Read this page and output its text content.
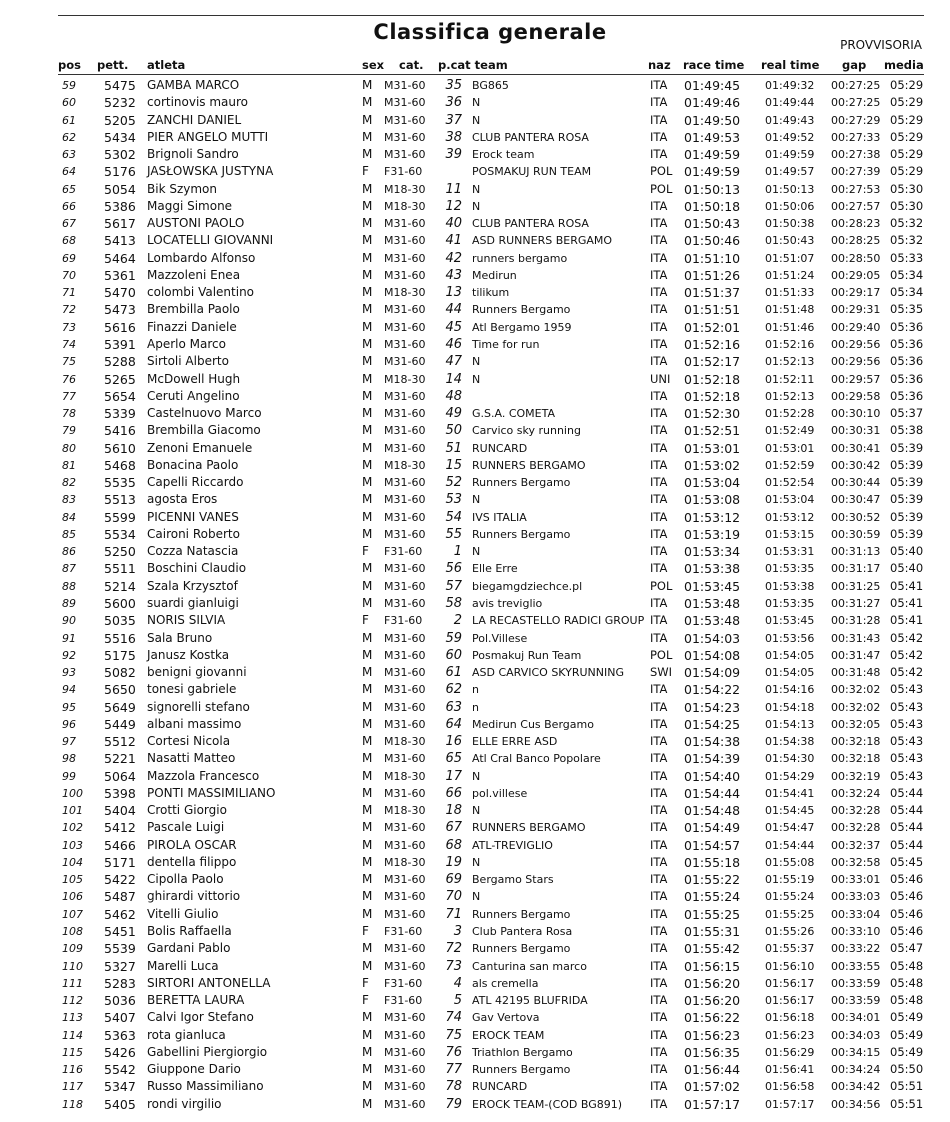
Classifica generale
PROVVISORIA
pos pett. atleta	sex cat. p.cat team	naz race time real time gap media
59 5475 GAMBA MARCO	M M31-60	35 BG865	ITA 01:49:45 01:49:32 00:27:25 05:29
60 5232 cortinovis mauro	M M31-60	36 N	ITA 01:49:46 01:49:44 00:27:25 05:29
61 5205 ZANCHI DANIEL	M M31-60	37 N	ITA 01:49:50 01:49:43 00:27:29 05:29
62 5434 PIER ANGELO MUTTI	M M31-60	38 CLUB PANTERA ROSA	ITA 01:49:53 01:49:52 00:27:33 05:29
63 5302 Brignoli Sandro	M M31-60	39 Erock team	ITA 01:49:59 01:49:59 00:27:38 05:29
64 5176 JASŁOWSKA JUSTYNA	F F31-60	POSMAKUJ RUN TEAM	POL 01:49:59 01:49:57 00:27:39 05:29
65 5054 Bik Szymon	M M18-30	11 N	POL 01:50:13 01:50:13 00:27:53 05:30
66 5386 Maggi Simone	M M18-30	12 N	ITA 01:50:18 01:50:06 00:27:57 05:30
67 5617 AUSTONI PAOLO	M M31-60	40 CLUB PANTERA ROSA	ITA 01:50:43 01:50:38 00:28:23 05:32
68 5413 LOCATELLI GIOVANNI	M M31-60	41 ASD RUNNERS BERGAMO	ITA 01:50:46 01:50:43 00:28:25 05:32
69 5464 Lombardo Alfonso	M M31-60	42 runners bergamo	ITA 01:51:10 01:51:07 00:28:50 05:33
70 5361 Mazzoleni Enea	M M31-60	43 Medirun	ITA 01:51:26 01:51:24 00:29:05 05:34
71 5470 colombi Valentino	M M18-30	13 tilikum	ITA 01:51:37 01:51:33 00:29:17 05:34
72 5473 Brembilla Paolo	M M31-60	44 Runners Bergamo	ITA 01:51:51 01:51:48 00:29:31 05:35
73 5616 Finazzi Daniele	M M31-60	45 Atl Bergamo 1959	ITA 01:52:01 01:51:46 00:29:40 05:36
74 5391 Aperlo Marco	M M31-60	46 Time for run	ITA 01:52:16 01:52:16 00:29:56 05:36
75 5288 Sirtoli Alberto	M M31-60	47 N	ITA 01:52:17 01:52:13 00:29:56 05:36
76 5265 McDowell Hugh	M M18-30	14 N	UNI 01:52:18 01:52:11 00:29:57 05:36
77 5654 Ceruti Angelino	M M31-60	48	ITA 01:52:18 01:52:13 00:29:58 05:36
78 5339 Castelnuovo Marco	M M31-60	49 G.S.A. COMETA	ITA 01:52:30 01:52:28 00:30:10 05:37
79 5416 Brembilla Giacomo	M M31-60	50 Carvico sky running	ITA 01:52:51 01:52:49 00:30:31 05:38
80 5610 Zenoni Emanuele	M M31-60	51 RUNCARD	ITA 01:53:01 01:53:01 00:30:41 05:39
81 5468 Bonacina Paolo	M M18-30	15 RUNNERS BERGAMO	ITA 01:53:02 01:52:59 00:30:42 05:39
82 5535 Capelli Riccardo	M M31-60	52 Runners Bergamo	ITA 01:53:04 01:52:54 00:30:44 05:39
83 5513 agosta Eros	M M31-60	53 N	ITA 01:53:08 01:53:04 00:30:47 05:39
84 5599 PICENNI VANES	M M31-60	54 IVS ITALIA	ITA 01:53:12 01:53:12 00:30:52 05:39
85 5534 Caironi Roberto	M M31-60	55 Runners Bergamo	ITA 01:53:19 01:53:15 00:30:59 05:39
86 5250 Cozza Natascia	F F31-60	1 N	ITA 01:53:34 01:53:31 00:31:13 05:40
87 5511 Boschini Claudio	M M31-60	56 Elle Erre	ITA 01:53:38 01:53:35 00:31:17 05:40
88 5214 Szala Krzysztof	M M31-60	57 biegamgdziechce.pl	POL 01:53:45 01:53:38 00:31:25 05:41
89 5600 suardi gianluigi	M M31-60	58 avis treviglio	ITA 01:53:48 01:53:35 00:31:27 05:41
90 5035 NORIS SILVIA	F F31-60	2 LA RECASTELLO RADICI GROUP ITA 01:53:48 01:53:45 00:31:28 05:41
91 5516 Sala Bruno	M M31-60	59 Pol.Villese	ITA 01:54:03 01:53:56 00:31:43 05:42
92 5175 Janusz Kostka	M M31-60	60 Posmakuj Run Team	POL 01:54:08 01:54:05 00:31:47 05:42
93 5082 benigni giovanni	M M31-60	61 ASD CARVICO SKYRUNNING SWI 01:54:09 01:54:05 00:31:48 05:42
94 5650 tonesi gabriele	M M31-60	62 n	ITA 01:54:22 01:54:16 00:32:02 05:43
95 5649 signorelli stefano	M M31-60	63 n	ITA 01:54:23 01:54:18 00:32:02 05:43
96 5449 albani massimo	M M31-60	64 Medirun Cus Bergamo	ITA 01:54:25 01:54:13 00:32:05 05:43
97 5512 Cortesi Nicola	M M18-30	16 ELLE ERRE ASD	ITA 01:54:38 01:54:38 00:32:18 05:43
98 5221 Nasatti Matteo	M M31-60	65 Atl Cral Banco Popolare	ITA 01:54:39 01:54:30 00:32:18 05:43
99 5064 Mazzola Francesco	M M18-30	17 N	ITA 01:54:40 01:54:29 00:32:19 05:43
100 5398 PONTI MASSIMILIANO	M M31-60	66 pol.villese	ITA 01:54:44 01:54:41 00:32:24 05:44
101 5404 Crotti Giorgio	M M18-30	18 N	ITA 01:54:48 01:54:45 00:32:28 05:44
102 5412 Pascale Luigi	M M31-60	67 RUNNERS BERGAMO	ITA 01:54:49 01:54:47 00:32:28 05:44
103 5466 PIROLA OSCAR	M M31-60	68 ATL-TREVIGLIO	ITA 01:54:57 01:54:44 00:32:37 05:44
104 5171 dentella filippo	M M18-30	19 N	ITA 01:55:18 01:55:08 00:32:58 05:45
105 5422 Cipolla Paolo	M M31-60	69 Bergamo Stars	ITA 01:55:22 01:55:19 00:33:01 05:46
106 5487 ghirardi vittorio	M M31-60	70 N	ITA 01:55:24 01:55:24 00:33:03 05:46
107 5462 Vitelli Giulio	M M31-60	71 Runners Bergamo	ITA 01:55:25 01:55:25 00:33:04 05:46
108 5451 Bolis Raffaella	F F31-60	3 Club Pantera Rosa	ITA 01:55:31 01:55:26 00:33:10 05:46
109 5539 Gardani Pablo	M M31-60	72 Runners Bergamo	ITA 01:55:42 01:55:37 00:33:22 05:47
110 5327 Marelli Luca	M M31-60	73 Canturina san marco	ITA 01:56:15 01:56:10 00:33:55 05:48
111 5283 SIRTORI ANTONELLA	F F31-60	4 als cremella	ITA 01:56:20 01:56:17 00:33:59 05:48
112 5036 BERETTA LAURA	F F31-60	5 ATL 42195 BLUFRIDA	ITA 01:56:20 01:56:17 00:33:59 05:48
113 5407 Calvi Igor Stefano	M M31-60	74 Gav Vertova	ITA 01:56:22 01:56:18 00:34:01 05:49
114 5363 rota gianluca	M M31-60	75 EROCK TEAM	ITA 01:56:23 01:56:23 00:34:03 05:49
115 5426 Gabellini Piergiorgio	M M31-60	76 Triathlon Bergamo	ITA 01:56:35 01:56:29 00:34:15 05:49
116 5542 Giuppone Dario	M M31-60	77 Runners Bergamo	ITA 01:56:44 01:56:41 00:34:24 05:50
117 5347 Russo Massimiliano	M M31-60	78 RUNCARD	ITA 01:57:02 01:56:58 00:34:42 05:51
118 5405 rondi virgilio	M M31-60	79 EROCK TEAM-(COD BG891) ITA 01:57:17 01:57:17 00:34:56 05:51
